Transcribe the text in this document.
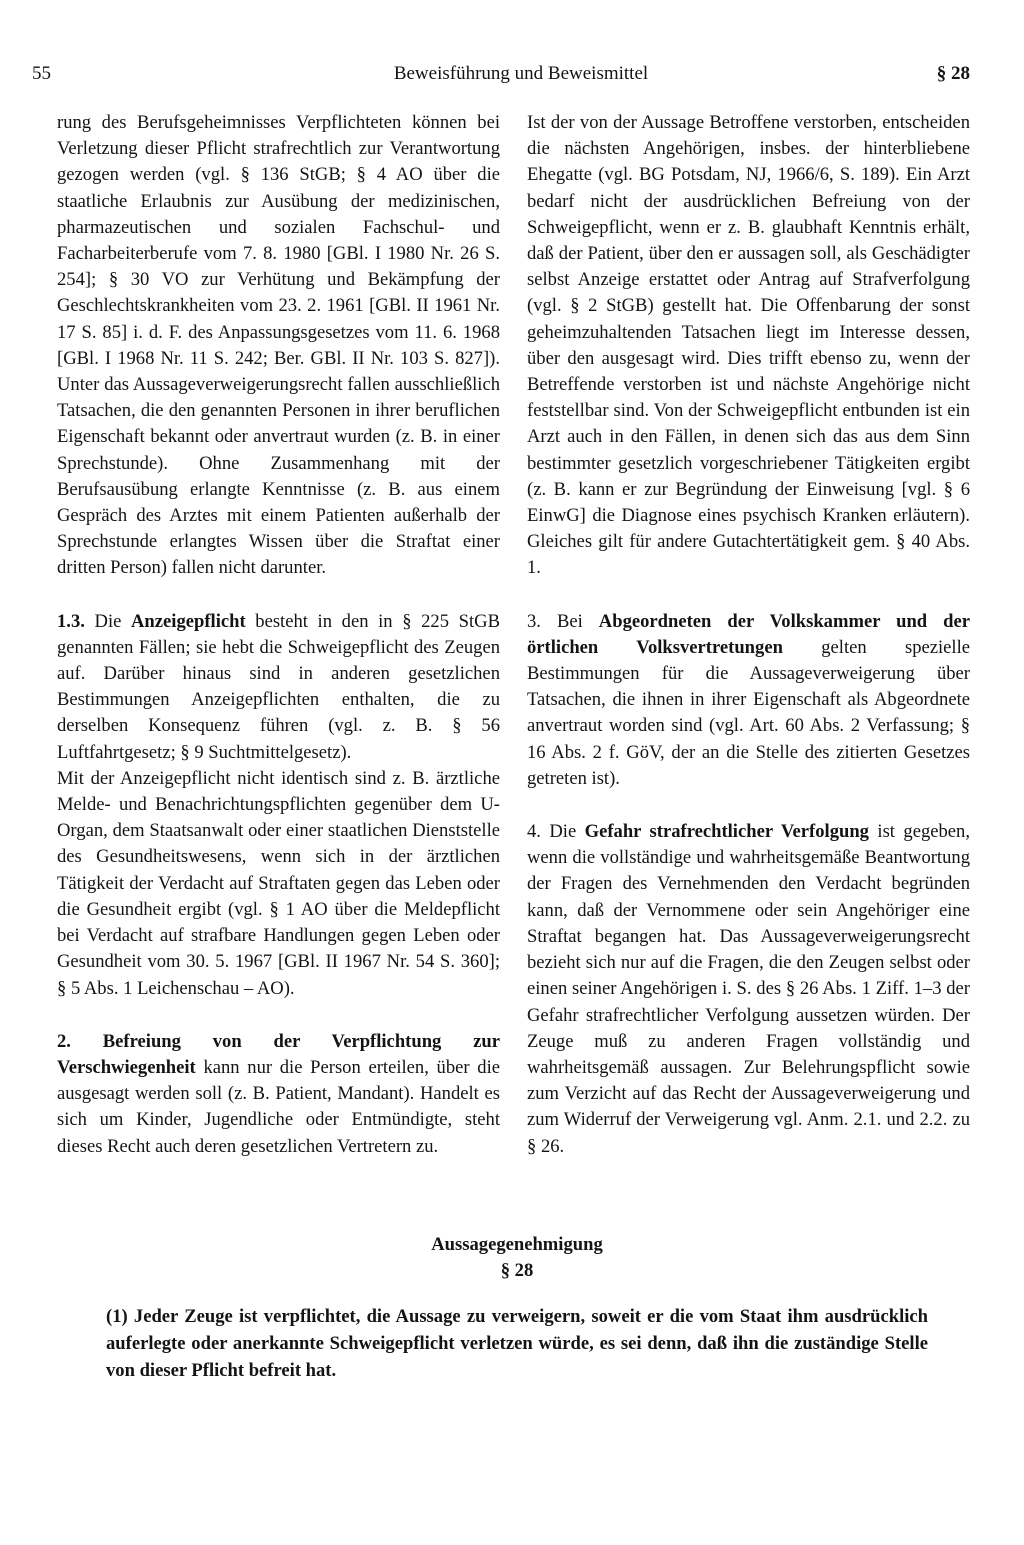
55	Beweisführung und Beweismittel	§ 28

rung des Berufsgeheimnisses Verpflichteten können bei Verletzung dieser Pflicht strafrechtlich zur Verantwortung gezogen werden (vgl. § 136 StGB; § 4 AO über die staatliche Erlaubnis zur Ausübung der medizinischen, pharmazeutischen und sozialen Fachschul- und Facharbeiterberufe vom 7. 8. 1980 [GBl. I 1980 Nr. 26 S. 254]; § 30 VO zur Verhütung und Bekämpfung der Geschlechtskrankheiten vom 23. 2. 1961 [GBl. II 1961 Nr. 17 S. 85] i. d. F. des Anpassungsgesetzes vom 11. 6. 1968 [GBl. I 1968 Nr. 11 S. 242; Ber. GBl. II Nr. 103 S. 827]). Unter das Aussageverweigerungsrecht fallen ausschließlich Tatsachen, die den genannten Personen in ihrer beruflichen Eigenschaft bekannt oder anvertraut wurden (z. B. in einer Sprechstunde). Ohne Zusammenhang mit der Berufsausübung erlangte Kenntnisse (z. B. aus einem Gespräch des Arztes mit einem Patienten außerhalb der Sprechstunde erlangtes Wissen über die Straftat einer dritten Person) fallen nicht darunter.

1.3. Die Anzeigepflicht besteht in den in § 225 StGB genannten Fällen; sie hebt die Schweigepflicht des Zeugen auf. Darüber hinaus sind in anderen gesetzlichen Bestimmungen Anzeigepflichten enthalten, die zu derselben Konsequenz führen (vgl. z. B. § 56 Luftfahrtgesetz; § 9 Suchtmittelgesetz).

Mit der Anzeigepflicht nicht identisch sind z. B. ärztliche Melde- und Benachrichtungspflichten gegenüber dem U-Organ, dem Staatsanwalt oder einer staatlichen Dienststelle des Gesundheitswesens, wenn sich in der ärztlichen Tätigkeit der Verdacht auf Straftaten gegen das Leben oder die Gesundheit ergibt (vgl. § 1 AO über die Meldepflicht bei Verdacht auf strafbare Handlungen gegen Leben oder Gesundheit vom 30. 5. 1967 [GBl. II 1967 Nr. 54 S. 360]; § 5 Abs. 1 Leichenschau – AO).

2. Befreiung von der Verpflichtung zur Verschwiegenheit kann nur die Person erteilen, über die ausgesagt werden soll (z. B. Patient, Mandant). Handelt es sich um Kinder, Jugendliche oder Entmündigte, steht dieses Recht auch deren gesetzlichen Vertretern zu.

Ist der von der Aussage Betroffene verstorben, entscheiden die nächsten Angehörigen, insbes. der hinterbliebene Ehegatte (vgl. BG Potsdam, NJ, 1966/6, S. 189). Ein Arzt bedarf nicht der ausdrücklichen Befreiung von der Schweigepflicht, wenn er z. B. glaubhaft Kenntnis erhält, daß der Patient, über den er aussagen soll, als Geschädigter selbst Anzeige erstattet oder Antrag auf Strafverfolgung (vgl. § 2 StGB) gestellt hat. Die Offenbarung der sonst geheimzuhaltenden Tatsachen liegt im Interesse dessen, über den ausgesagt wird. Dies trifft ebenso zu, wenn der Betreffende verstorben ist und nächste Angehörige nicht feststellbar sind. Von der Schweigepflicht entbunden ist ein Arzt auch in den Fällen, in denen sich das aus dem Sinn bestimmter gesetzlich vorgeschriebener Tätigkeiten ergibt (z. B. kann er zur Begründung der Einweisung [vgl. § 6 EinwG] die Diagnose eines psychisch Kranken erläutern). Gleiches gilt für andere Gutachtertätigkeit gem. § 40 Abs. 1.

3. Bei Abgeordneten der Volkskammer und der örtlichen Volksvertretungen gelten spezielle Bestimmungen für die Aussageverweigerung über Tatsachen, die ihnen in ihrer Eigenschaft als Abgeordnete anvertraut worden sind (vgl. Art. 60 Abs. 2 Verfassung; § 16 Abs. 2 f. GöV, der an die Stelle des zitierten Gesetzes getreten ist).

4. Die Gefahr strafrechtlicher Verfolgung ist gegeben, wenn die vollständige und wahrheitsgemäße Beantwortung der Fragen des Vernehmenden den Verdacht begründen kann, daß der Vernommene oder sein Angehöriger eine Straftat begangen hat. Das Aussageverweigerungsrecht bezieht sich nur auf die Fragen, die den Zeugen selbst oder einen seiner Angehörigen i. S. des § 26 Abs. 1 Ziff. 1–3 der Gefahr strafrechtlicher Verfolgung aussetzen würden. Der Zeuge muß zu anderen Fragen vollständig und wahrheitsgemäß aussagen. Zur Belehrungspflicht sowie zum Verzicht auf das Recht der Aussageverweigerung und zum Widerruf der Verweigerung vgl. Anm. 2.1. und 2.2. zu § 26.

Aussagegenehmigung
§ 28

(1) Jeder Zeuge ist verpflichtet, die Aussage zu verweigern, soweit er die vom Staat ihm ausdrücklich auferlegte oder anerkannte Schweigepflicht verletzen würde, es sei denn, daß ihn die zuständige Stelle von dieser Pflicht befreit hat.
